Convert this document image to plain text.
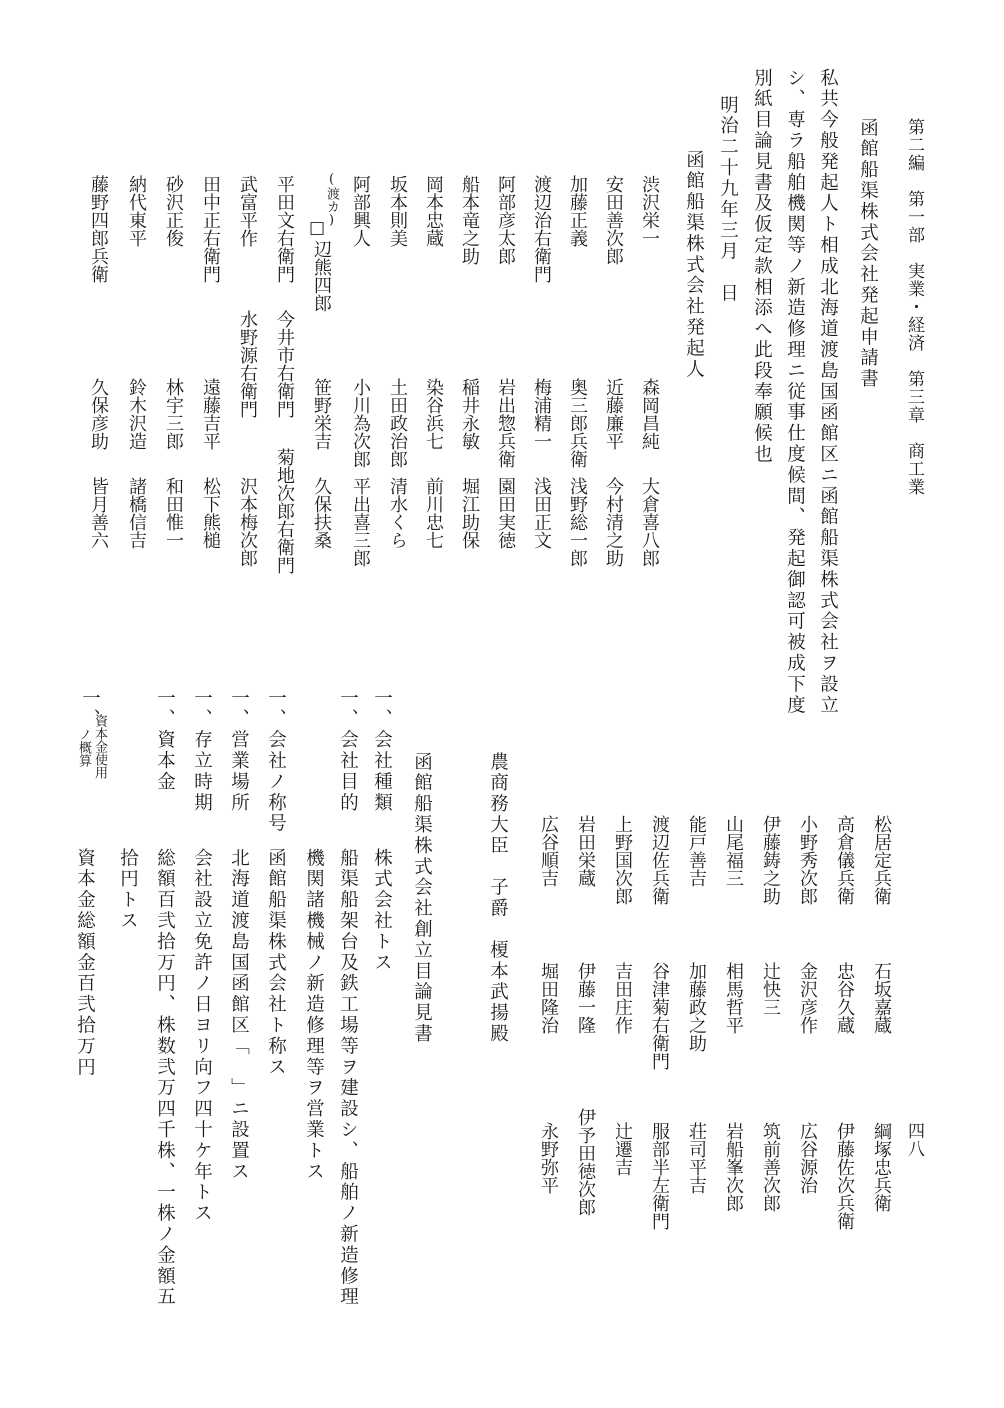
第二編　第一部　実業・経済　第三章　商工業
四八
函館船渠株式会社発起申請書
私共今般発起人ト相成北海道渡島国函館区ニ函館船渠株式会社ヲ設立
シ、専ラ船舶機関等ノ新造修理ニ従事仕度候間、発起御認可被成下度
別紙目論見書及仮定款相添へ此段奉願候也
明治二十九年三月　日
函館船渠株式会社発起人
渋沢栄一
森岡昌純
大倉喜八郎
安田善次郎
近藤廉平
今村清之助
加藤正義
奥三郎兵衛
浅野総一郎
渡辺治右衛門
梅浦精一
浅田正文
阿部彦太郎
岩出惣兵衛
園田実徳
船本竜之助
稲井永敏
堀江助保
岡本忠蔵
染谷浜七
前川忠七
坂本則美
土田政治郎
清水くら
阿部興人
小川為次郎
平出喜三郎
(渡カ)
□
辺熊四郎
笹野栄吉
久保扶桑
平田文右衛門
今井市右衛門
菊地次郎右衛門
武富平作
水野源右衛門
沢本梅次郎
田中正右衛門
遠藤吉平
松下熊槌
砂沢正俊
林宇三郎
和田惟一
納代東平
鈴木沢造
諸橋信吉
藤野四郎兵衛
久保彦助
皆月善六
松居定兵衛
石坂嘉蔵
綱塚忠兵衛
高倉儀兵衛
忠谷久蔵
伊藤佐次兵衛
小野秀次郎
金沢彦作
広谷源治
伊藤鋳之助
辻快三
筑前善次郎
山尾福三
相馬哲平
岩船峯次郎
能戸善吉
加藤政之助
荘司平吉
渡辺佐兵衛
谷津菊右衛門
服部半左衛門
上野国次郎
吉田庄作
辻遷吉
岩田栄蔵
伊藤一隆
伊予田徳次郎
広谷順吉
堀田隆治
永野弥平
農商務大臣　子爵　榎本武揚殿
函館船渠株式会社創立目論見書
一、会社種類
株式会社トス
一、会社目的
船渠船架台及鉄工場等ヲ建設シ、船舶ノ新造修理
機関諸機械ノ新造修理等ヲ営業トス
一、会社ノ称号
函館船渠株式会社ト称ス
一、営業場所
北海道渡島国函館区「　」ニ設置ス
一、存立時期
会社設立免許ノ日ヨリ向フ四十ケ年トス
一、資本金
総額百弐拾万円、株数弐万四千株、一株ノ金額五
拾円トス
一、
資本金使用
ノ概算
資本金総額金百弐拾万円
